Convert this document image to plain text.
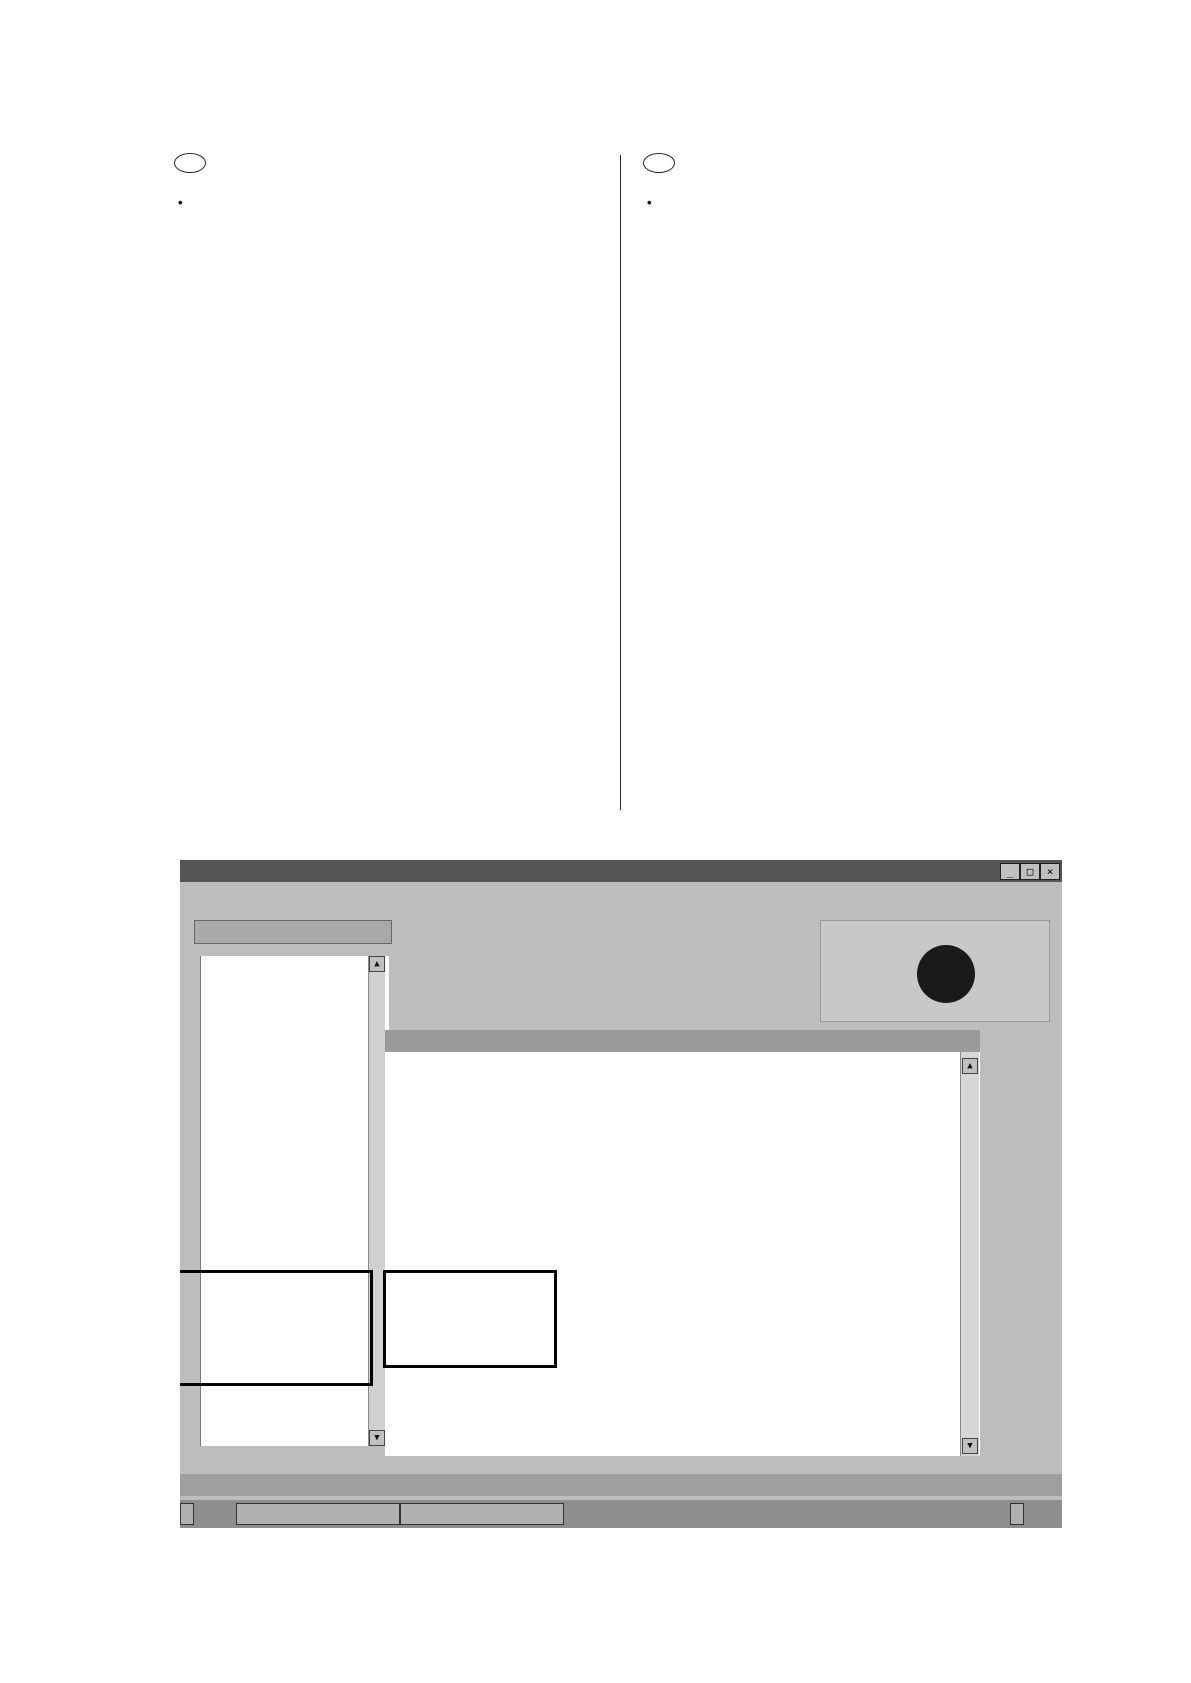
_	□	×
▲
▼
▲
▼
